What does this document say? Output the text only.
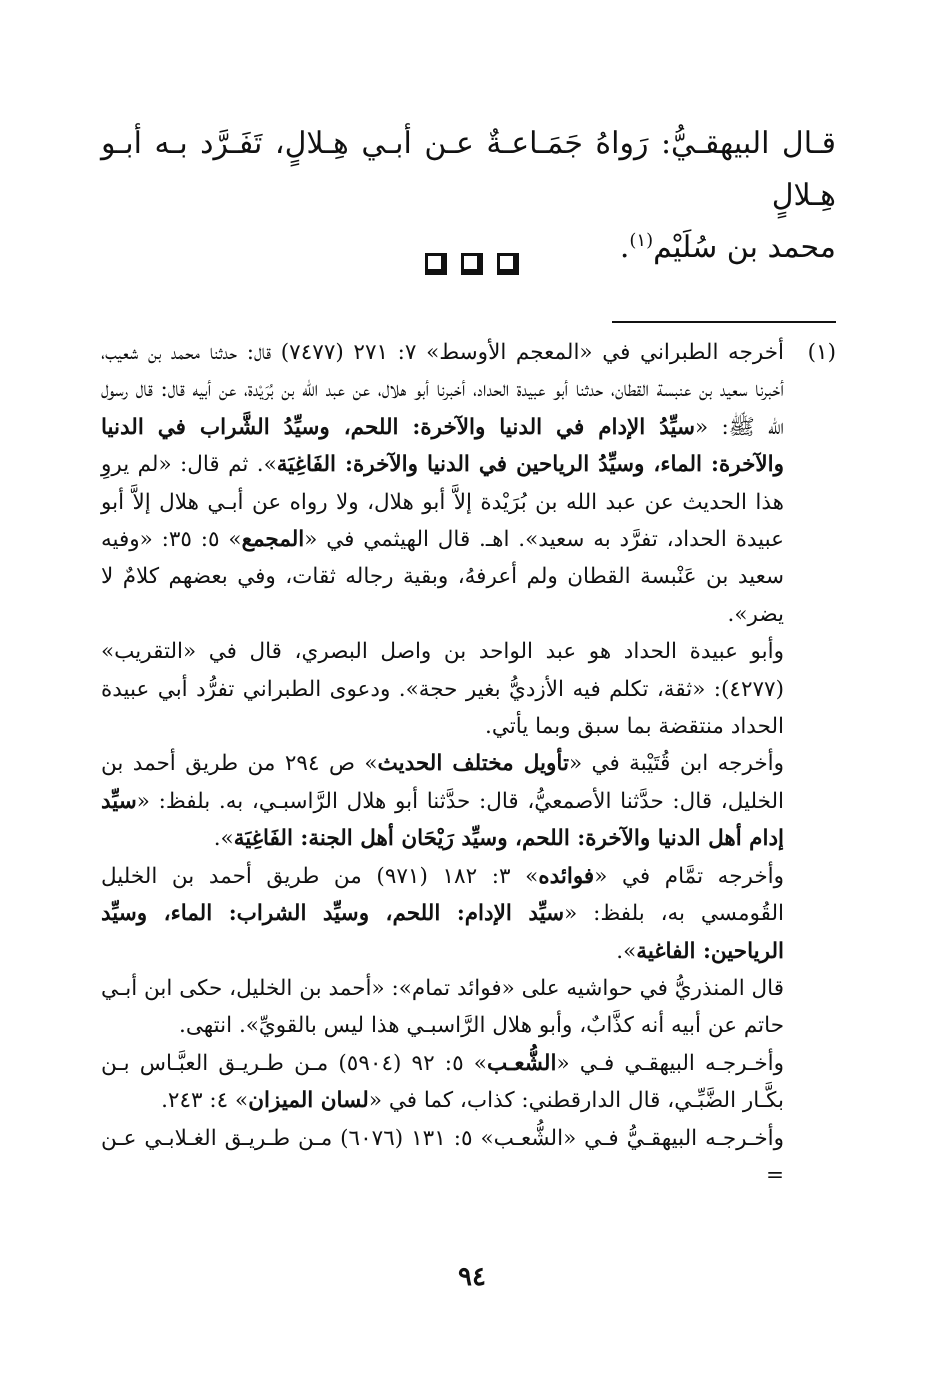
قـال البيهقـيُّ: رَواهُ جَمَـاعـةٌ عـن أبـي هِـلالٍ، تَفَـرَّد بـه أبـو هِـلالٍ
محمد بن سُلَيْم$^{(١)}$.

(١)

أخرجه الطبراني في «المعجم الأوسط» ٧: ٢٧١ (٧٤٧٧) قال: حدثنا محمد بن شعيب، أخبرنا سعيد بن عنبسة القطان، حدثنا أبو عبيدة الحداد، أخبرنا أبو هلال، عن عبد الله بن بُرَيْدة، عن أبيه قال: قال رسول الله ﷺ: «سيِّدُ الإدام في الدنيا والآخرة: اللحم، وسيِّدُ الشَّراب في الدنيا والآخرة: الماء، وسيِّدُ الرياحين في الدنيا والآخرة: الفَاغِيَة». ثم قال: «لم يروِ هذا الحديث عن عبد الله بن بُرَيْدة إلاَّ أبو هلال، ولا رواه عن أبـي هلال إلاَّ أبو عبيدة الحداد، تفرَّد به سعيد». اهـ. قال الهيثمي في «المجمع» ٥: ٣٥: «وفيه سعيد بن عَنْبسة القطان ولم أعرفهُ، وبقية رجاله ثقات، وفي بعضهم كلامٌ لا يضر».

وأبو عبيدة الحداد هو عبد الواحد بن واصل البصري، قال في «التقريب» (٤٢٧٧): «ثقة، تكلم فيه الأزديُّ بغير حجة». ودعوى الطبراني تفرُّد أبي عبيدة الحداد منتقضة بما سبق وبما يأتي.

وأخرجه ابن قُتَيْبة في «تأويل مختلف الحديث» ص ٢٩٤ من طريق أحمد بن الخليل، قال: حدَّثنا الأصمعيُّ، قال: حدَّثنا أبو هلال الرَّاسبـي، به. بلفظ: «سيِّد إدام أهل الدنيا والآخرة: اللحم، وسيِّد رَيْحَان أهل الجنة: الفَاغِيَة».

وأخرجه تمَّام في «فوائده» ٣: ١٨٢ (٩٧١) من طريق أحمد بن الخليل القُومسي به، بلفظ: «سيِّد الإدام: اللحم، وسيِّد الشراب: الماء، وسيِّد الرياحين: الفاغية».

قال المنذريُّ في حواشيه على «فوائد تمام»: «أحمد بن الخليل، حكى ابن أبـي حاتم عن أبيه أنه كذَّابٌ، وأبو هلال الرَّاسبـي هذا ليس بالقويِّ». انتهى.

وأخـرجـه البيهقـي فـي «الشُّعـب» ٥: ٩٢ (٥٩٠٤) مـن طـريـق العبَّـاس بـن بكَّـار الضَّبِّـي، قال الدارقطني: كذاب، كما في «لسان الميزان» ٤: ٢٤٣.

وأخـرجـه البيهقـيُّ فـي «الشُّعـب» ٥: ١٣١ (٦٠٧٦) مـن طـريـق الغـلابـي عـن =

٩٤
